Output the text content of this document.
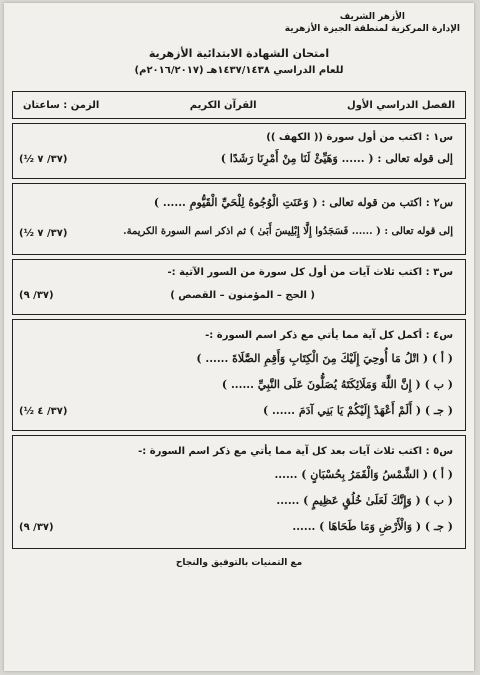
الأزهر الشريف
الإدارة المركزية لمنطقة الجيزة الأزهرية
امتحان الشهادة الابتدائية الأزهرية
للعام الدراسي ١٤٣٧/١٤٣٨هـ (٢٠١٦/٢٠١٧م)
الفصل الدراسي الأول
القرآن الكريم
الزمن : ساعتان
س١ : اكتب من أول سورة (( الكهف ))
إلى قوله تعالى : ( ...... وَهَيِّئْ لَنَا مِنْ أَمْرِنَا رَشَدًا )
(٣٧/ ٧ ½)
س٢ : اكتب من قوله تعالى : ( وَعَنَتِ الْوُجُوهُ لِلْحَيِّ الْقَيُّومِ ...... )
إلى قوله تعالى : ( ...... فَسَجَدُوا إِلَّا إِبْلِيسَ أَبَىٰ ) ثم اذكر اسم السورة الكريمة.
(٣٧/ ٧ ½)
س٣ : اكتب ثلاث آيات من أول كل سورة من السور الآتية :-
( الحج – المؤمنون – القصص )
(٣٧/ ٩)
س٤ : أكمل كل آية مما يأتي مع ذكر اسم السورة :-
( أ ) ( اتْلُ مَا أُوحِيَ إِلَيْكَ مِنَ الْكِتَابِ وَأَقِمِ الصَّلَاةَ ...... )
( ب ) ( إِنَّ اللَّهَ وَمَلَائِكَتَهُ يُصَلُّونَ عَلَى النَّبِيِّ ...... )
( جـ ) ( أَلَمْ أَعْهَدْ إِلَيْكُمْ يَا بَنِي آدَمَ ...... )
(٣٧/ ٤ ½)
س٥ : اكتب ثلاث آيات بعد كل آية مما يأتي مع ذكر اسم السورة :-
( أ ) ( الشَّمْسُ وَالْقَمَرُ بِحُسْبَانٍ ) ......
( ب ) ( وَإِنَّكَ لَعَلَىٰ خُلُقٍ عَظِيمٍ ) ......
( جـ ) ( وَالْأَرْضِ وَمَا طَحَاهَا ) ......
(٣٧/ ٩)
مع التمنيات بالتوفيق والنجاح
